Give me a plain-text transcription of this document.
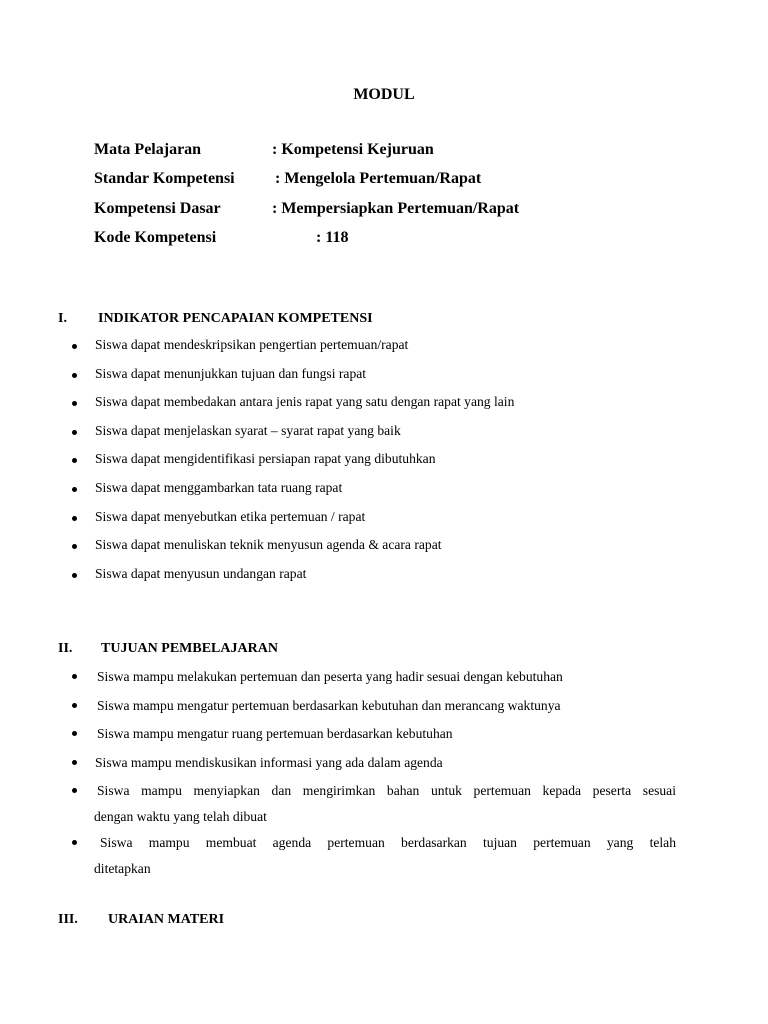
MODUL
Mata Pelajaran	: Kompetensi Kejuruan
Standar Kompetensi	: Mengelola Pertemuan/Rapat
Kompetensi Dasar	: Mempersiapkan Pertemuan/Rapat
Kode Kompetensi	: 118
I. INDIKATOR PENCAPAIAN KOMPETENSI
Siswa dapat mendeskripsikan pengertian pertemuan/rapat
Siswa dapat menunjukkan tujuan dan fungsi rapat
Siswa dapat membedakan antara jenis rapat yang satu dengan rapat yang lain
Siswa dapat menjelaskan syarat – syarat rapat yang baik
Siswa dapat mengidentifikasi persiapan rapat yang dibutuhkan
Siswa dapat menggambarkan tata ruang rapat
Siswa dapat menyebutkan etika pertemuan / rapat
Siswa dapat menuliskan teknik menyusun agenda & acara rapat
Siswa dapat menyusun undangan rapat
II. TUJUAN PEMBELAJARAN
Siswa mampu melakukan pertemuan dan peserta yang hadir sesuai dengan kebutuhan
Siswa mampu mengatur pertemuan berdasarkan kebutuhan dan merancang waktunya
Siswa mampu mengatur ruang pertemuan berdasarkan kebutuhan
Siswa mampu mendiskusikan informasi yang ada dalam agenda
Siswa mampu menyiapkan dan mengirimkan bahan untuk pertemuan kepada peserta sesuai
dengan waktu yang telah dibuat
Siswa mampu membuat agenda pertemuan berdasarkan tujuan pertemuan yang telah
ditetapkan
III. URAIAN MATERI
